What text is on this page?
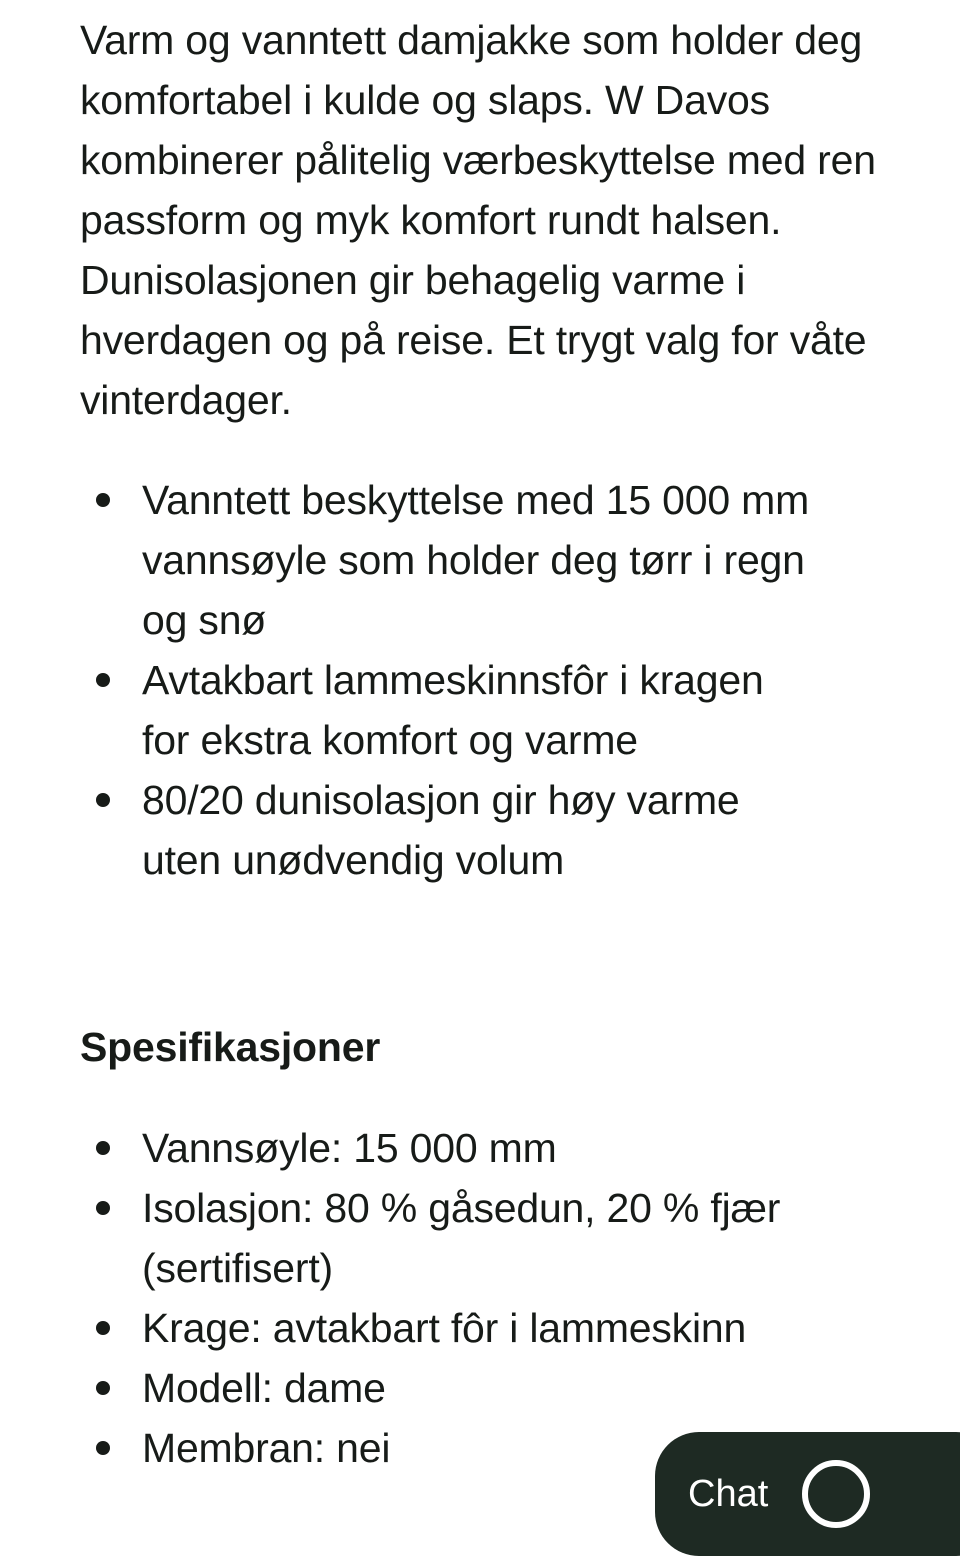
Varm og vanntett damjakke som holder deg komfortabel i kulde og slaps. W Davos kombinerer pålitelig værbeskyttelse med ren passform og myk komfort rundt halsen. Dunisolasjonen gir behagelig varme i hverdagen og på reise. Et trygt valg for våte vinterdager.

Vanntett beskyttelse med 15 000 mm vannsøyle som holder deg tørr i regn og snø
Avtakbart lammeskinnsfôr i kragen for ekstra komfort og varme
80/20 dunisolasjon gir høy varme uten unødvendig volum
Spesifikasjoner
Vannsøyle: 15 000 mm
Isolasjon: 80 % gåsedun, 20 % fjær (sertifisert)
Krage: avtakbart fôr i lammeskinn
Modell: dame
Membran: nei
Chat
